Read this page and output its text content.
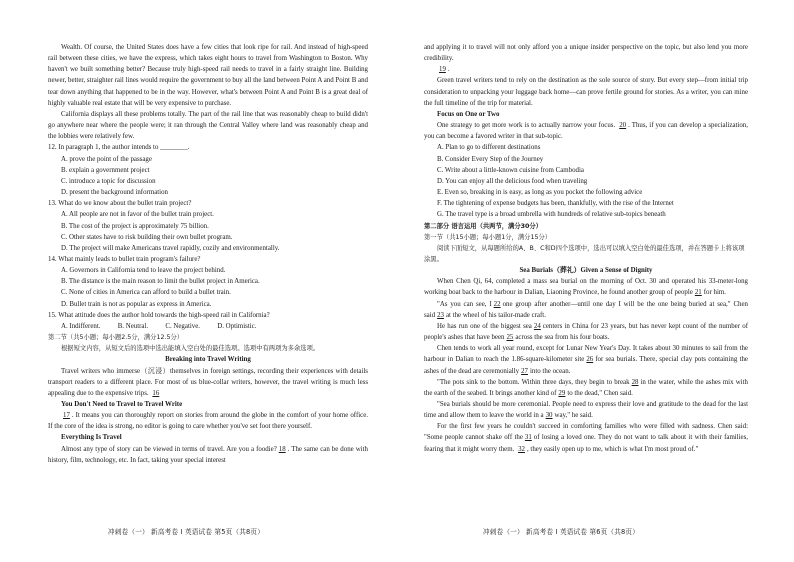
Wealth. Of course, the United States does have a few cities that look ripe for rail. And instead of high-speed rail between these cities, we have the express, which takes eight hours to travel from Washington to Boston. Why haven't we built something better? Because truly high-speed rail needs to travel in a fairly straight line. Building newer, better, straighter rail lines would require the government to buy all the land between Point A and Point B and tear down anything that happened to be in the way. However, what's between Point A and Point B is a great deal of highly valuable real estate that will be very expensive to purchase.

California displays all these problems totally. The part of the rail line that was reasonably cheap to build didn't go anywhere near where the people were; it ran through the Central Valley where land was reasonably cheap and the lobbies were relatively few.

12. In paragraph 1, the author intends to ________.

A. prove the point of the passage

B. explain a government project

C. introduce a topic for discussion

D. present the background information

13. What do we know about the bullet train project?

A. All people are not in favor of the bullet train project.

B. The cost of the project is approximately 75 billion.

C. Other states have to risk building their own bullet program.

D. The project will make Americans travel rapidly, cozily and environmentally.

14. What mainly leads to bullet train program's failure?

A. Governors in California tend to leave the project behind.

B. The distance is the main reason to limit the bullet project in America.

C. None of cities in America can afford to build a bullet train.

D. Bullet train is not as popular as express in America.

15. What attitude does the author hold towards the high-speed rail in California?

A. Indifferent.          B. Neutral.          C. Negative.          D. Optimistic.

第二节（共5小题；每小题2.5分，满分12.5分）

根据短文内容，从短文后的选项中选出能填入空白处的最佳选项。选项中有两项为多余选项。

Breaking into Travel Writing

Travel writers who immerse（沉浸）themselves in foreign settings, recording their experiences with details transport readers to a different place. For most of us blue-collar writers, however, the travel writing is much less appealing due to the expensive trips. 16

You Don't Need to Travel to Travel Write

17 . It means you can thoroughly report on stories from around the globe in the comfort of your home office. If the core of the idea is strong, no editor is going to care whether you've set foot there yourself.

Everything Is Travel

Almost any type of story can be viewed in terms of travel. Are you a foodie? 18 . The same can be done with history, film, technology, etc. In fact, taking your special interest

冲刺卷（一） 新高考卷 I 英语试卷 第5页（共8页）

and applying it to travel will not only afford you a unique insider perspective on the topic, but also lend you more credibility.

19 .

Green travel writers tend to rely on the destination as the sole source of story. But every step—from initial trip consideration to unpacking your luggage back home—can prove fertile ground for stories. As a writer, you can mine the full timeline of the trip for material.

Focus on One or Two

One strategy to get more work is to actually narrow your focus. 20 . Thus, if you can develop a specialization, you can become a favored writer in that sub-topic.

A. Plan to go to different destinations

B. Consider Every Step of the Journey

C. Write about a little-known cuisine from Cambodia

D. You can enjoy all the delicious food when traveling

E. Even so, breaking in is easy, as long as you pocket the following advice

F. The tightening of expense budgets has been, thankfully, with the rise of the Internet

G. The travel type is a broad umbrella with hundreds of relative sub-topics beneath

第二部分 语言运用（共两节，满分30分）

第一节（共15小题；每小题1分，满分15分）

阅读下面短文，从每题所给的A、B、C和D四个选项中，选出可以填入空白处的最佳选项，并在答题卡上将该项涂黑。

Sea Burials（葬礼）Given a Sense of Dignity

When Chen Qi, 64, completed a mass sea burial on the morning of Oct. 30 and operated his 33-meter-long working boat back to the harbour in Dalian, Liaoning Province, he found another group of people 21 for him.

"As you can see, I 22 one group after another—until one day I will be the one being buried at sea," Chen said 23 at the wheel of his tailor-made craft.

He has run one of the biggest sea 24 centers in China for 23 years, but has never kept count of the number of people's ashes that have been 25 across the sea from his four boats.

Chen tends to work all year round, except for Lunar New Year's Day. It takes about 30 minutes to sail from the harbour in Dalian to reach the 1.86-square-kilometer site 26 for sea burials. There, special clay pots containing the ashes of the dead are ceremonially 27 into the ocean.

"The pots sink to the bottom. Within three days, they begin to break 28 in the water, while the ashes mix with the earth of the seabed. It brings another kind of 29 to the dead," Chen said.

"Sea burials should be more ceremonial. People need to express their love and gratitude to the dead for the last time and allow them to leave the world in a 30 way," he said.

For the first few years he couldn't succeed in comforting families who were filled with sadness. Chen said: "Some people cannot shake off the 31 of losing a loved one. They do not want to talk about it with their families, fearing that it might worry them. 32 , they easily open up to me, which is what I'm most proud of."

冲刺卷（一） 新高考卷 I 英语试卷 第6页（共8页）
